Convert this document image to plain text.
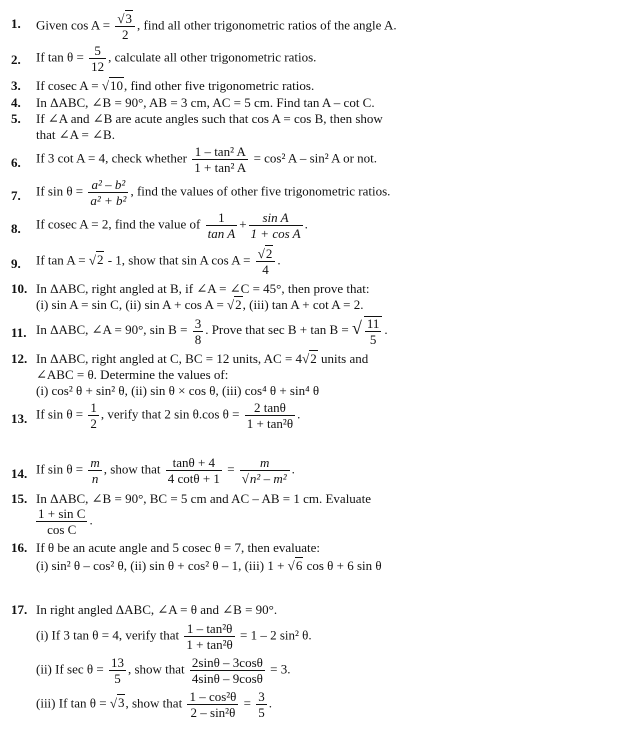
1.	Given $\cos A = \frac{√3}{2}$ , find all other trigonometric ratios of the angle A.
2.	If $\tan \theta = \frac{5}{12}$ , calculate all other trigonometric ratios.
3.	If cosec A = √10, find other five trigonometric ratios.
4.	In ΔABC, ∠B = 90°, AB = 3 cm, AC = 5 cm. Find tan A – cot C.
5.	If ∠A and ∠B are acute angles such that cos A = cos B, then show
that ∠A = ∠B.
6.	If 3 cot A = 4, check whether $\frac{\text{1 – tan² A}}{\text{1 + tan² A}} = \cos^2$ A – sin² A or not.
7.	If $\sin \theta = \frac{\text{a² – b²}}{\text{a² + b²}}$ , find the values of other five trigonometric ratios.
8.	If cosec A = 2, find the value of $\frac{1}{\text{tan A}} + \frac{\text{sin A}}{\text{1 + cos A}}$ .
9.	If tan A = √2 - 1, show that sin A $\cos A = \frac{√2}{4}$ .
10. In ΔABC, right angled at B, if ∠A = ∠C = 45°, then prove that:
(i) sin A = sin C, (ii) sin A + cos A = √2, (iii) tan A + cot A = 2.
11. In ΔABC, ∠A = 90°, $\sin B = \frac{3}{8}$ . Prove that sec B + tan B = √ $\frac{11}{5}$ .
12. In ΔABC, right angled at C, BC = 12 units, AC = 4√2 units and
∠ABC = θ. Determine the values of:
(i) cos² θ + sin² θ, (ii) sin θ × cos θ, (iii) cos⁴ θ + sin⁴ θ
13. If $\sin \theta = \frac{1}{2}$ , verify that 2 sin θ.cos $\theta = \frac{2 \tan\theta}{\text{1 + tan²θ}}$ .
14. If $\sin \theta = \frac{m}{n}$ , show that $\frac{\tan\theta + 4}{4 \cot\theta + 1} = \frac{m}{\text{√n² – m²}}$ .
15. In ΔABC, ∠B = 90°, BC = 5 cm and AC – AB = 1 cm. Evaluate
$\frac{\text{1 + sin C}}{\text{cos C}}$ .
16. If θ be an acute angle and 5 cosec θ = 7, then evaluate:
(i) sin² θ – cos² θ, (ii) sin θ + cos² θ – 1, (iii) 1 + √6 cos θ + 6 sin θ
17. In right angled ΔABC, ∠A = θ and ∠B = 90°.
(i) If 3 tan θ = 4, verify that $\frac{\text{1 – tan²θ}}{\text{1 + tan²θ}} = 1 - 2$ sin² θ.
(ii) If $\sec \theta = \frac{13}{5}$ , show that $\frac{2\sin\theta - 3\cos\theta}{4\sin\theta - 9\cos\theta} = 3$.
(iii) If tan θ = √3, show that $\frac{\text{1 – cos²θ}}{\text{2 – sin²θ}} = \frac{3}{5}$ .
